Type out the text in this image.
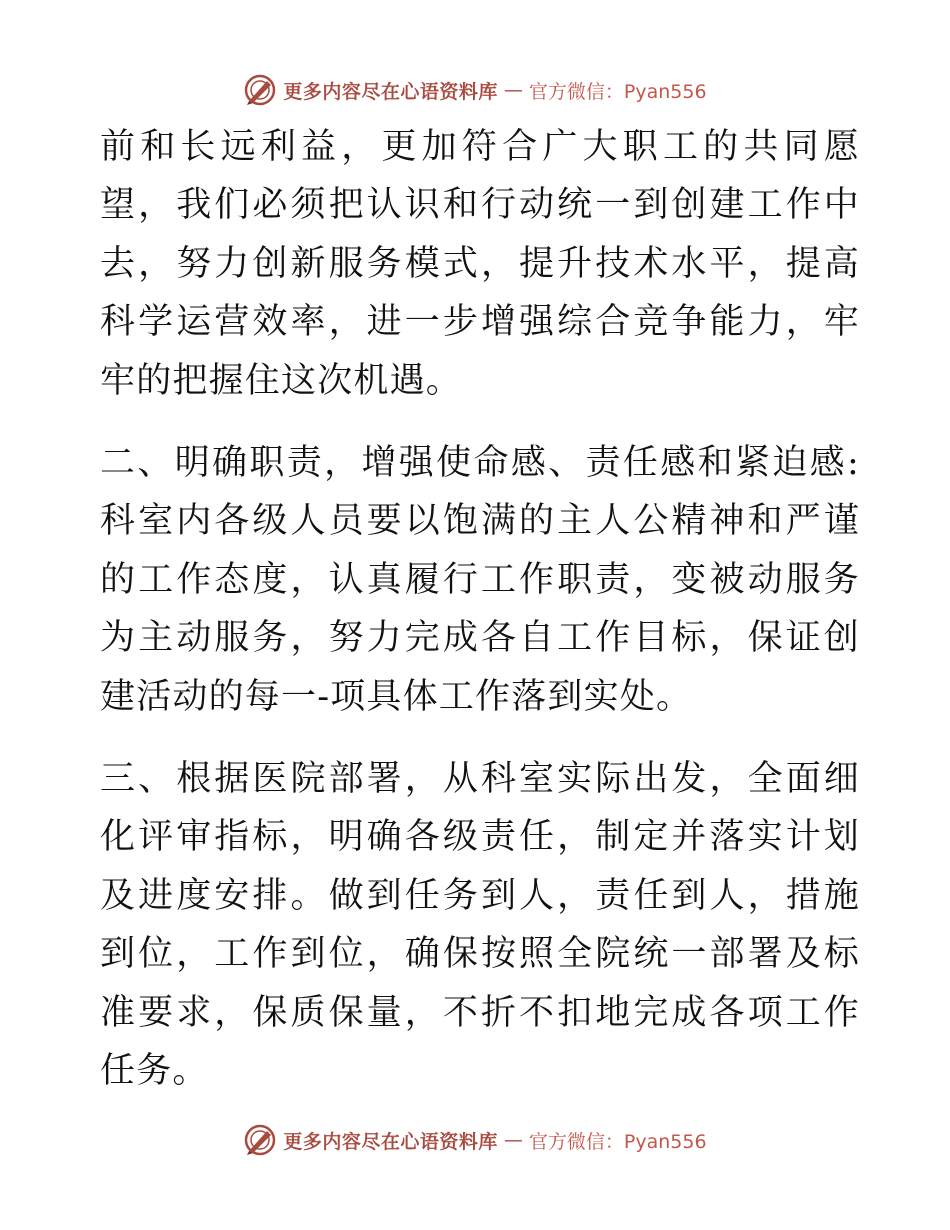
更多内容尽在心语资料库 — 官方微信：Pyan556

前和长远利益，更加符合广大职工的共同愿望，我们必须把认识和行动统一到创建工作中去，努力创新服务模式，提升技术水平，提高科学运营效率，进一步增强综合竞争能力，牢牢的把握住这次机遇。

二、明确职责，增强使命感、责任感和紧迫感:科室内各级人员要以饱满的主人公精神和严谨的工作态度，认真履行工作职责，变被动服务为主动服务，努力完成各自工作目标，保证创建活动的每一-项具体工作落到实处。

三、根据医院部署，从科室实际出发，全面细化评审指标，明确各级责任，制定并落实计划及进度安排。做到任务到人，责任到人，措施到位，工作到位，确保按照全院统一部署及标准要求，保质保量，不折不扣地完成各项工作任务。

更多内容尽在心语资料库 — 官方微信：Pyan556
